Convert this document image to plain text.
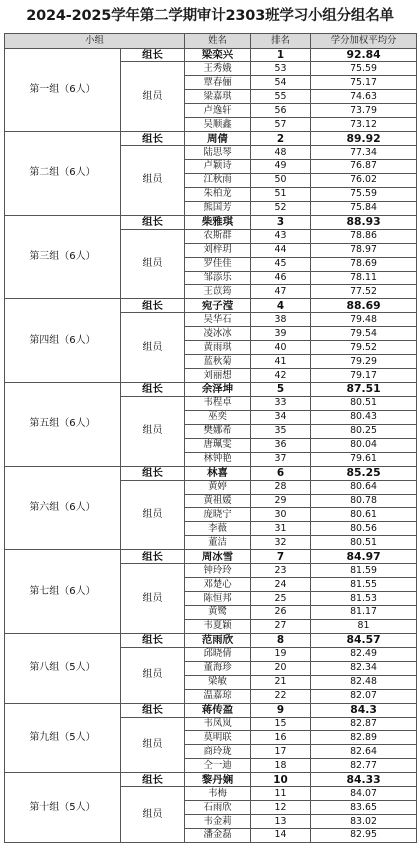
2024-2025学年第二学期审计2303班学习小组分组名单
小组		姓名	排名	学分加权平均分
第一组（6人）	组长	梁栾兴	1	92.84
	组员	王秀娥	53	75.59
		覃春俪	54	75.17
		梁嘉琪	55	74.63
		卢逸轩	56	73.79
		吴顺鑫	57	73.12
第二组（6人）	组长	周倩	2	89.92
	组员	陆思琴	48	77.34
		卢颖诗	49	76.87
		江秋雨	50	76.02
		朱柏龙	51	75.59
		熊国芳	52	75.84
第三组（6人）	组长	柴雅琪	3	88.93
	组员	农斯群	43	78.86
		刘梓玥	44	78.97
		罗佳佳	45	78.69
		邹添乐	46	78.11
		王苡筠	47	77.52
第四组（6人）	组长	宛子滢	4	88.69
	组员	吴华石	38	79.48
		凌冰冰	39	79.54
		黄雨琪	40	79.52
		蓝秋菊	41	79.29
		刘丽想	42	79.17
第五组（6人）	组长	余泽坤	5	87.51
	组员	韦程卓	33	80.51
		巫奕	34	80.43
		樊娜希	35	80.25
		唐珮雯	36	80.04
		林钟艳	37	79.61
第六组（6人）	组长	林喜	6	85.25
	组员	黄婷	28	80.64
		黄祖媛	29	80.78
		庞晓宁	30	80.61
		李薇	31	80.56
		董洁	32	80.51
第七组（6人）	组长	周冰雪	7	84.97
	组员	钟玲玲	23	81.59
		邓楚心	24	81.55
		陈恒邦	25	81.53
		黄鹭	26	81.17
		韦夏颖	27	81
第八组（5人）	组长	范雨欣	8	84.57
	组员	邱晓倩	19	82.49
		董海珍	20	82.34
		梁敏	21	82.48
		温嘉琼	22	82.07
第九组（5人）	组长	蒋传盈	9	84.3
	组员	韦凤岚	15	82.87
		莫明联	16	82.89
		商玲珑	17	82.64
		仝一迪	18	82.77
第十组（5人）	组长	黎丹娴	10	84.33
	组员	韦梅	11	84.07
		石雨欣	12	83.65
		韦金莉	13	83.02
		潘金磊	14	82.95
